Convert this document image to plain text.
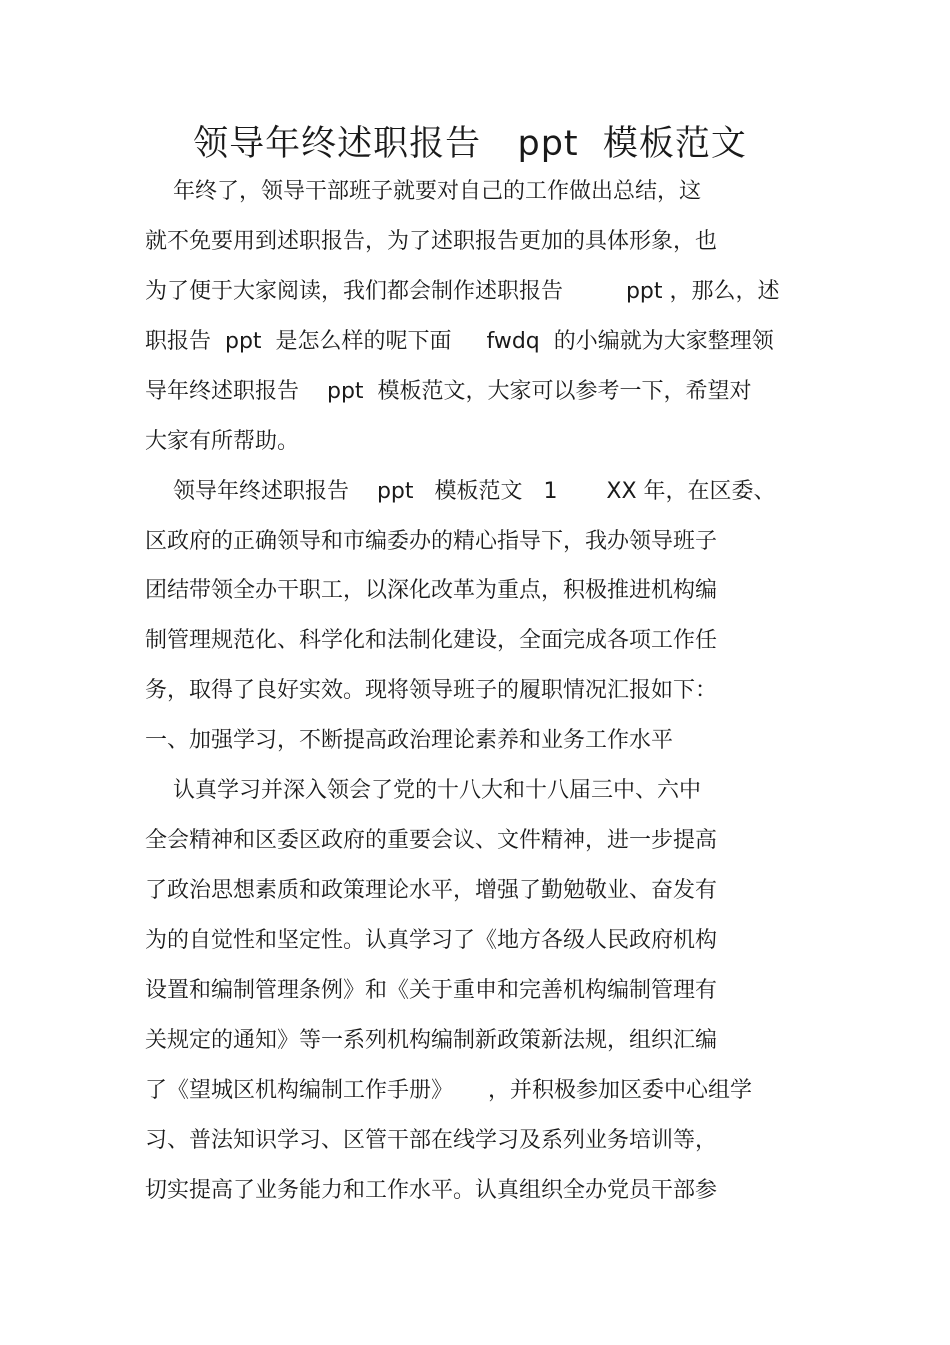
领导年终述职报告   ppt  模板范文
年终了，领导干部班子就要对自己的工作做出总结，这
就不免要用到述职报告，为了述职报告更加的具体形象，也
为了便于大家阅读，我们都会制作述职报告         ppt ，那么，述
职报告  ppt  是怎么样的呢下面     fwdq  的小编就为大家整理领
导年终述职报告    ppt  模板范文，大家可以参考一下，希望对
大家有所帮助。
领导年终述职报告    ppt   模板范文   1       XX 年，在区委、
区政府的正确领导和市编委办的精心指导下，我办领导班子
团结带领全办干职工，以深化改革为重点，积极推进机构编
制管理规范化、科学化和法制化建设，全面完成各项工作任
务，取得了良好实效。现将领导班子的履职情况汇报如下：
一、加强学习，不断提高政治理论素养和业务工作水平
认真学习并深入领会了党的十八大和十八届三中、六中
全会精神和区委区政府的重要会议、文件精神，进一步提高
了政治思想素质和政策理论水平，增强了勤勉敬业、奋发有
为的自觉性和坚定性。认真学习了《地方各级人民政府机构
设置和编制管理条例》和《关于重申和完善机构编制管理有
关规定的通知》等一系列机构编制新政策新法规，组织汇编
了《望城区机构编制工作手册》     ，并积极参加区委中心组学
习、普法知识学习、区管干部在线学习及系列业务培训等，
切实提高了业务能力和工作水平。认真组织全办党员干部参
